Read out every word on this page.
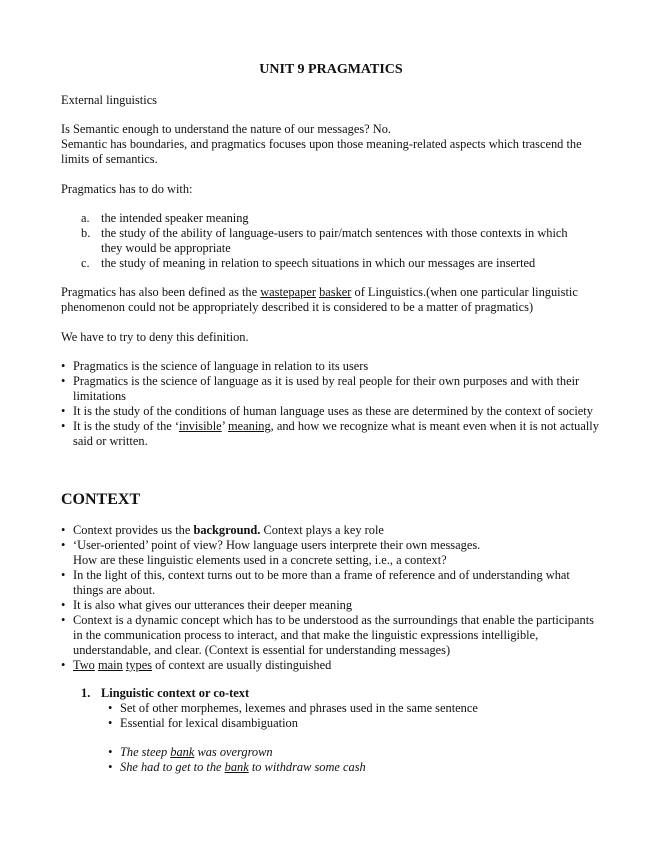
UNIT 9 PRAGMATICS

External linguistics

Is Semantic enough to understand the nature of our messages? No.

Semantic has boundaries, and pragmatics focuses upon those meaning-related aspects which trascend the limits of semantics.

Pragmatics has to do with:

a. the intended speaker meaning
b. the study of the ability of language-users to pair/match sentences with those contexts in which they would be appropriate
c. the study of meaning in relation to speech situations in which our messages are inserted

Pragmatics has also been defined as the wastepaper basker of Linguistics.(when one particular linguistic phenomenon could not be appropriately described it is considered to be a matter of pragmatics)

We have to try to deny this definition.

• Pragmatics is the science of language in relation to its users
• Pragmatics is the science of language as it is used by real people for their own purposes and with their limitations
• It is the study of the conditions of human language uses as these are determined by the context of society
• It is the study of the ‘invisible’ meaning, and how we recognize what is meant even when it is not actually said or written.
CONTEXT
• Context provides us the background. Context plays a key role
• ‘User-oriented’ point of view? How language users interprete their own messages.
How are these linguistic elements used in a concrete setting, i.e., a context?
• In the light of this, context turns out to be more than a frame of reference and of understanding what things are about.
• It is also what gives our utterances their deeper meaning
• Context is a dynamic concept which has to be understood as the surroundings that enable the participants in the communication process to interact, and that make the linguistic expressions intelligible, understandable, and clear. (Context is essential for understanding messages)
• Two main types of context are usually distinguished
1. Linguistic context or co-text
• Set of other morphemes, lexemes and phrases used in the same sentence
• Essential for lexical disambiguation
• The steep bank was overgrown
• She had to get to the bank to withdraw some cash
